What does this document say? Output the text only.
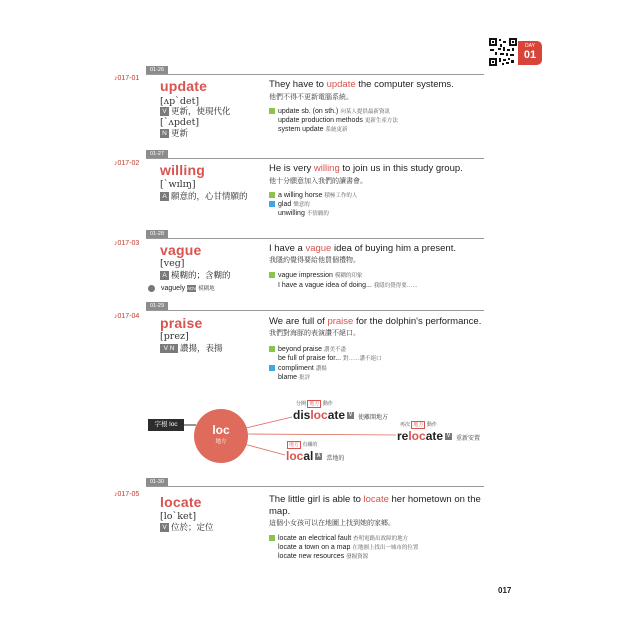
DAY
01
01-26
♪017-01 update
[ʌp`det]
V 更新，使現代化
[`ʌpdet]
N 更新
They have to update the computer systems.
他們不得不更新電腦系統。
update sb. (on sth.) 向某人提供最新資訊
update production methods 更新生產方法
system update 系統更新
01-27
♪017-02 willing
[`wɪlɪŋ]
A 願意的，心甘情願的
He is very willing to join us in this study group.
他十分願意加入我們的讀書會。
a willing horse 積極工作的人
glad 樂意的
unwilling 不情願的
01-28
♪017-03 vague
[veg]
A 模糊的；含糊的
vaguely ADV 模糊地
I have a vague idea of buying him a present.
我隱約覺得要給他買個禮物。
vague impression 模糊的印象
I have a vague idea of doing... 我隱約覺得要……
01-29
♪017-04 praise
[prez]
V N 讚揚，表揚
We are full of praise for the dolphin's performance.
我們對海豚的表演讚不絕口。
beyond praise 讚美不盡
be full of praise for... 對……讚不絕口
compliment 讚揚
blame 批評
字根 loc	loc
地方
分開 地方 動作
dislocate V 使離開地方
再次 地方 動作
relocate V 重新安置
地方 有關的
local A 當地的
01-30
♪017-05 locate
[lo`ket]
V 位於；定位
The little girl is able to locate her hometown on the map.
這個小女孩可以在地圖上找到她的家鄉。
locate an electrical fault 查明電路出故障的地方
locate a town on a map 在地圖上找出一城市的位置
locate new resources 發掘資源
017
